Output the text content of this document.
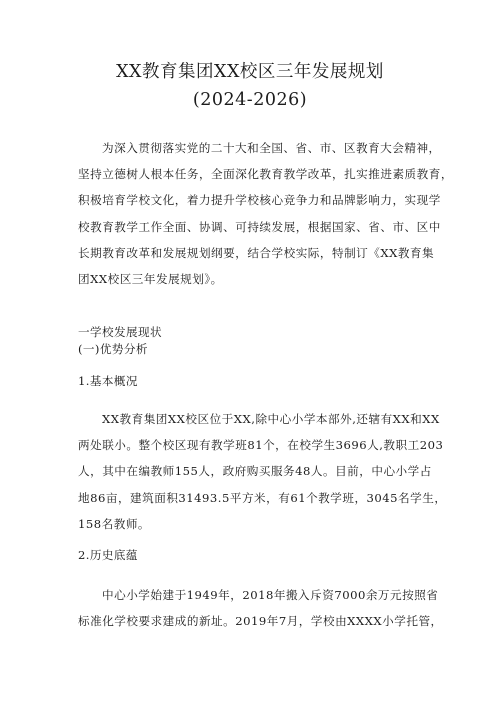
XX教育集团XX校区三年发展规划
(2024-2026)
为深入贯彻落实党的二十大和全国、省、市、区教育大会精神，
坚持立德树人根本任务，全面深化教育教学改革，扎实推进素质教育，
积极培育学校文化，着力提升学校核心竞争力和品牌影响力，实现学
校教育教学工作全面、协调、可持续发展，根据国家、省、市、区中
长期教育改革和发展规划纲要，结合学校实际，特制订《XX教育集
团XX校区三年发展规划》。
一学校发展现状
(一)优势分析
1.基本概况
XX教育集团XX校区位于XX,除中心小学本部外,还辖有XX和XX
两处联小。整个校区现有教学班81个，在校学生3696人,教职工203
人，其中在编教师155人，政府购买服务48人。目前，中心小学占
地86亩，建筑面积31493.5平方米，有61个教学班，3045名学生，
158名教师。
2.历史底蕴
中心小学始建于1949年，2018年搬入斥资7000余万元按照省
标准化学校要求建成的新址。2019年7月，学校由XXXX小学托管，
